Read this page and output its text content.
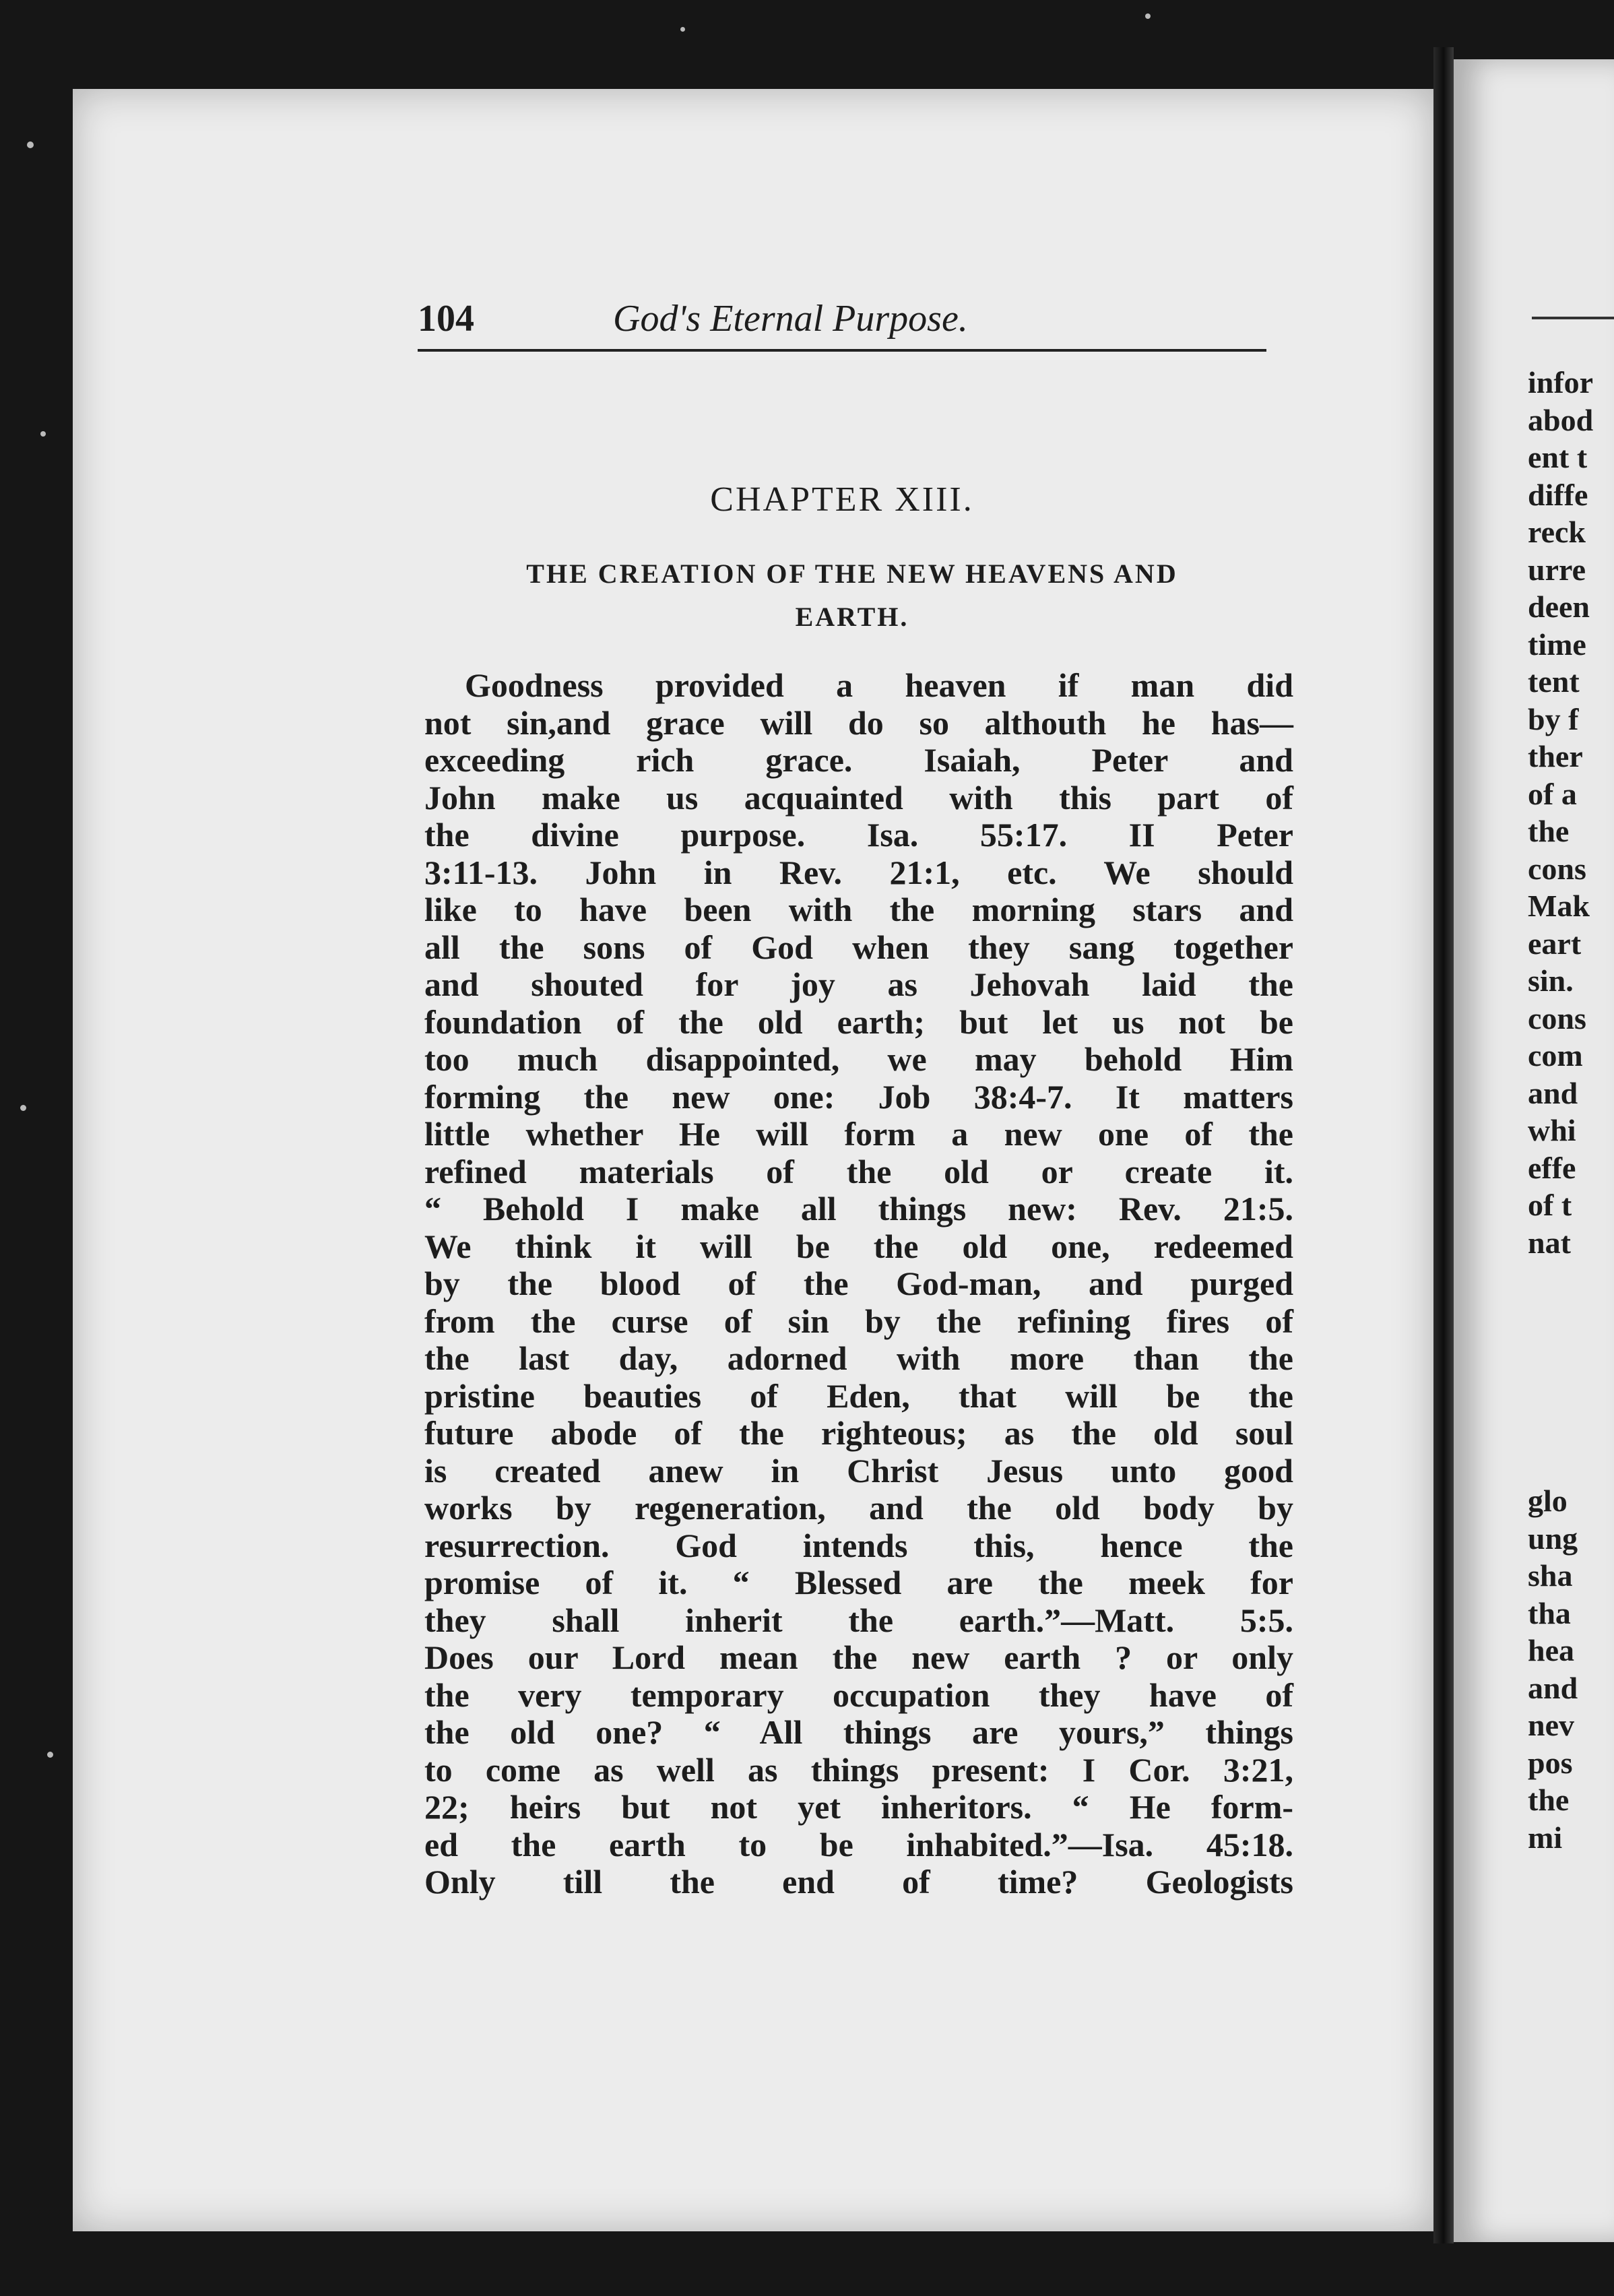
104	God's Eternal Purpose.
CHAPTER XIII.
THE CREATION OF THE NEW HEAVENS AND
EARTH.
Goodness provided a heaven if man did
not sin,and grace will do so althouth he has—
exceeding rich grace. Isaiah, Peter and
John make us acquainted with this part of
the divine purpose. Isa. 55:17. II Peter
3:11-13. John in Rev. 21:1, etc. We should
like to have been with the morning stars and
all the sons of God when they sang together
and shouted for joy as Jehovah laid the
foundation of the old earth; but let us not be
too much disappointed, we may behold Him
forming the new one: Job 38:4-7. It matters
little whether He will form a new one of the
refined materials of the old or create it.
“ Behold I make all things new: Rev. 21:5.
We think it will be the old one, redeemed
by the blood of the God-man, and purged
from the curse of sin by the refining fires of
the last day, adorned with more than the
pristine beauties of Eden, that will be the
future abode of the righteous; as the old soul
is created anew in Christ Jesus unto good
works by regeneration, and the old body by
resurrection. God intends this, hence the
promise of it. “ Blessed are the meek for
they shall inherit the earth.”—Matt. 5:5.
Does our Lord mean the new earth ? or only
the very temporary occupation they have of
the old one? “ All things are yours,” things
to come as well as things present: I Cor. 3:21,
22; heirs but not yet inheritors. “ He form-
ed the earth to be inhabited.”—Isa. 45:18.
Only till the end of time? Geologists
infor
abod
ent t
diffe
reck
urre
deen
time
tent
by f
ther
of a
the
cons
Mak
eart
sin.
cons
com
and
whi
effe
of t
nat
glo
ung
sha
tha
hea
and
nev
pos
the
mi
